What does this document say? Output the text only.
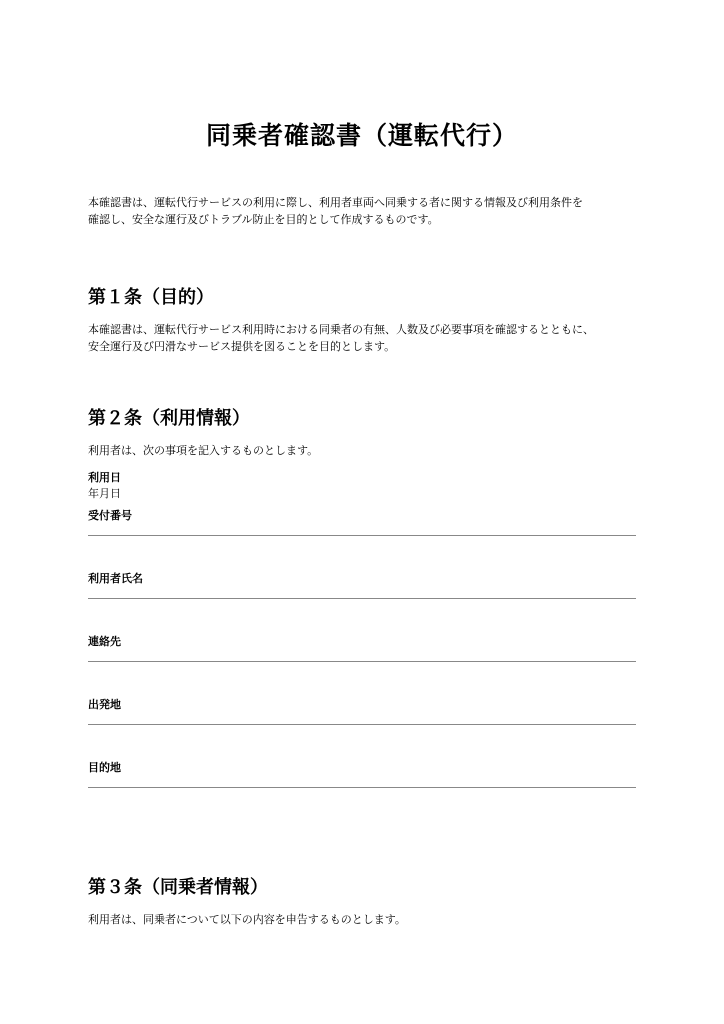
同乗者確認書（運転代行）
本確認書は、運転代行サービスの利用に際し、利用者車両へ同乗する者に関する情報及び利用条件を
確認し、安全な運行及びトラブル防止を目的として作成するものです。
第１条（目的）
本確認書は、運転代行サービス利用時における同乗者の有無、人数及び必要事項を確認するとともに、
安全運行及び円滑なサービス提供を図ることを目的とします。
第２条（利用情報）
利用者は、次の事項を記入するものとします。
利用日
年月日
受付番号
利用者氏名
連絡先
出発地
目的地
第３条（同乗者情報）
利用者は、同乗者について以下の内容を申告するものとします。
